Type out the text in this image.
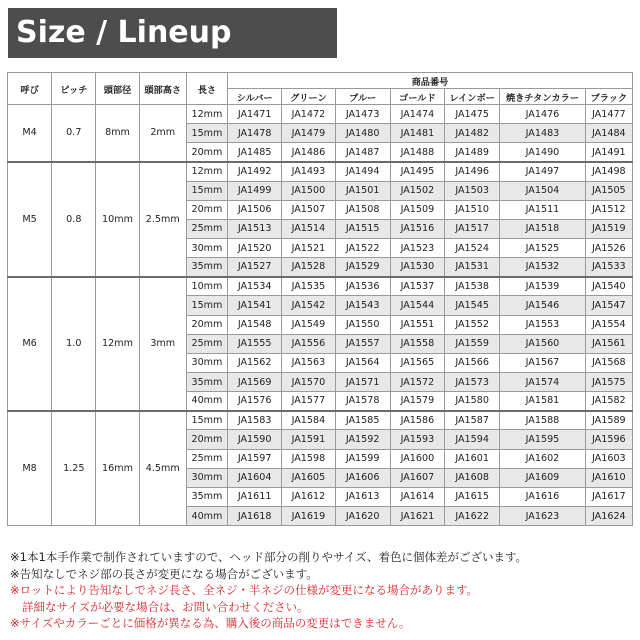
Size / Lineup
呼び	ピッチ	頭部径	頭部高さ	長さ	商品番号						
					シルバー	グリーン	ブルー	ゴールド	レインボー	焼きチタンカラー	ブラック
M4	0.7	8mm	2mm	12mm	JA1471	JA1472	JA1473	JA1474	JA1475	JA1476	JA1477
				15mm	JA1478	JA1479	JA1480	JA1481	JA1482	JA1483	JA1484
				20mm	JA1485	JA1486	JA1487	JA1488	JA1489	JA1490	JA1491
M5	0.8	10mm	2.5mm	12mm	JA1492	JA1493	JA1494	JA1495	JA1496	JA1497	JA1498
				15mm	JA1499	JA1500	JA1501	JA1502	JA1503	JA1504	JA1505
				20mm	JA1506	JA1507	JA1508	JA1509	JA1510	JA1511	JA1512
				25mm	JA1513	JA1514	JA1515	JA1516	JA1517	JA1518	JA1519
				30mm	JA1520	JA1521	JA1522	JA1523	JA1524	JA1525	JA1526
				35mm	JA1527	JA1528	JA1529	JA1530	JA1531	JA1532	JA1533
M6	1.0	12mm	3mm	10mm	JA1534	JA1535	JA1536	JA1537	JA1538	JA1539	JA1540
				15mm	JA1541	JA1542	JA1543	JA1544	JA1545	JA1546	JA1547
				20mm	JA1548	JA1549	JA1550	JA1551	JA1552	JA1553	JA1554
				25mm	JA1555	JA1556	JA1557	JA1558	JA1559	JA1560	JA1561
				30mm	JA1562	JA1563	JA1564	JA1565	JA1566	JA1567	JA1568
				35mm	JA1569	JA1570	JA1571	JA1572	JA1573	JA1574	JA1575
				40mm	JA1576	JA1577	JA1578	JA1579	JA1580	JA1581	JA1582
M8	1.25	16mm	4.5mm	15mm	JA1583	JA1584	JA1585	JA1586	JA1587	JA1588	JA1589
				20mm	JA1590	JA1591	JA1592	JA1593	JA1594	JA1595	JA1596
				25mm	JA1597	JA1598	JA1599	JA1600	JA1601	JA1602	JA1603
				30mm	JA1604	JA1605	JA1606	JA1607	JA1608	JA1609	JA1610
				35mm	JA1611	JA1612	JA1613	JA1614	JA1615	JA1616	JA1617
				40mm	JA1618	JA1619	JA1620	JA1621	JA1622	JA1623	JA1624
※1本1本手作業で制作されていますので、ヘッド部分の削りやサイズ、着色に個体差がございます。
※告知なしでネジ部の長さが変更になる場合がございます。
※ロットにより告知なしでネジ長さ、全ネジ・半ネジの仕様が変更になる場合があります。
詳細なサイズが必要な場合は、お問い合わせください。
※サイズやカラーごとに価格が異なる為、購入後の商品の変更はできません。
